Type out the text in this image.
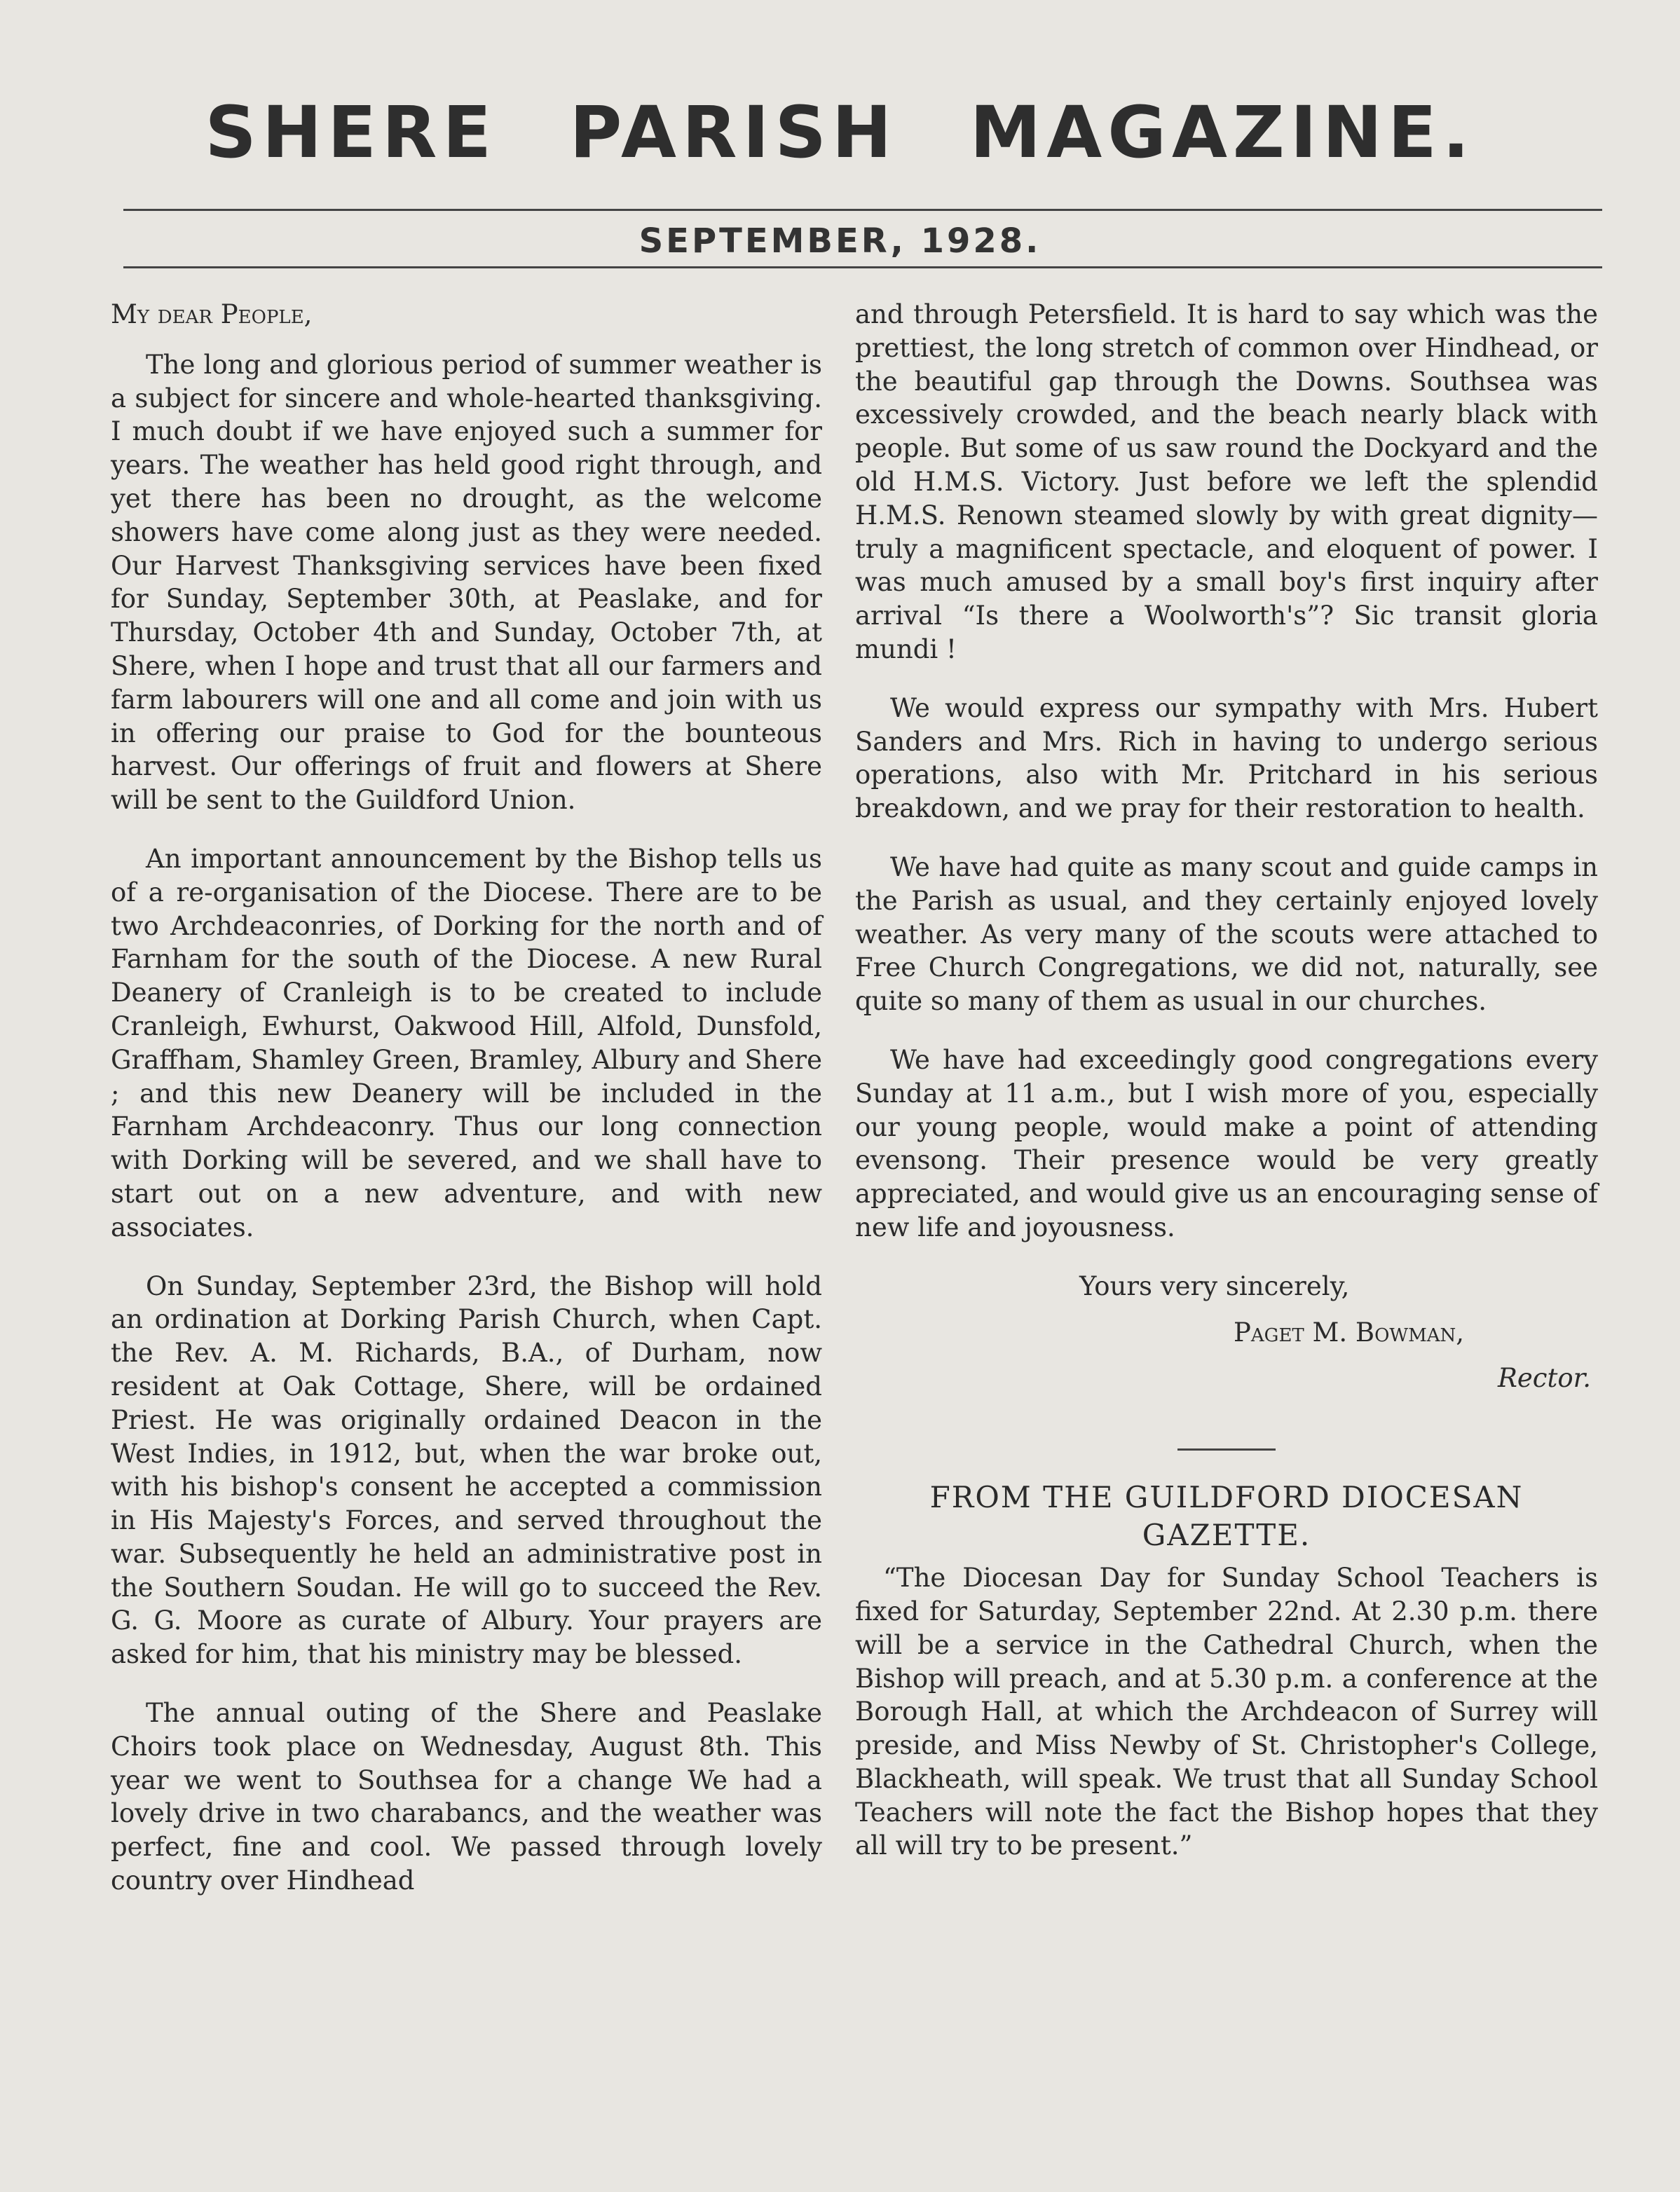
SHERE PARISH MAGAZINE.
SEPTEMBER, 1928.
My dear People,

The long and glorious period of summer weather is a subject for sincere and whole-hearted thanksgiving. I much doubt if we have enjoyed such a summer for years. The weather has held good right through, and yet there has been no drought, as the welcome showers have come along just as they were needed. Our Harvest Thanksgiving services have been fixed for Sunday, September 30th, at Peaslake, and for Thursday, October 4th and Sunday, October 7th, at Shere, when I hope and trust that all our farmers and farm labourers will one and all come and join with us in offering our praise to God for the bounteous harvest. Our offerings of fruit and flowers at Shere will be sent to the Guildford Union.

An important announcement by the Bishop tells us of a re-organisation of the Diocese. There are to be two Archdeaconries, of Dorking for the north and of Farnham for the south of the Diocese. A new Rural Deanery of Cranleigh is to be created to include Cranleigh, Ewhurst, Oakwood Hill, Alfold, Dunsfold, Graffham, Shamley Green, Bramley, Albury and Shere ; and this new Deanery will be included in the Farnham Archdeaconry. Thus our long connection with Dorking will be severed, and we shall have to start out on a new adventure, and with new associates.

On Sunday, September 23rd, the Bishop will hold an ordination at Dorking Parish Church, when Capt. the Rev. A. M. Richards, B.A., of Durham, now resident at Oak Cottage, Shere, will be ordained Priest. He was originally ordained Deacon in the West Indies, in 1912, but, when the war broke out, with his bishop's consent he accepted a commission in His Majesty's Forces, and served throughout the war. Subsequently he held an administrative post in the Southern Soudan. He will go to succeed the Rev. G. G. Moore as curate of Albury. Your prayers are asked for him, that his ministry may be blessed.

The annual outing of the Shere and Peaslake Choirs took place on Wednesday, August 8th. This year we went to Southsea for a change We had a lovely drive in two charabancs, and the weather was perfect, fine and cool. We passed through lovely country over Hindhead

and through Petersfield. It is hard to say which was the prettiest, the long stretch of common over Hindhead, or the beautiful gap through the Downs. Southsea was excessively crowded, and the beach nearly black with people. But some of us saw round the Dockyard and the old H.M.S. Victory. Just before we left the splendid H.M.S. Renown steamed slowly by with great dignity—truly a magnificent spectacle, and eloquent of power. I was much amused by a small boy's first inquiry after arrival “Is there a Woolworth's”? Sic transit gloria mundi !

We would express our sympathy with Mrs. Hubert Sanders and Mrs. Rich in having to undergo serious operations, also with Mr. Pritchard in his serious breakdown, and we pray for their restoration to health.

We have had quite as many scout and guide camps in the Parish as usual, and they certainly enjoyed lovely weather. As very many of the scouts were attached to Free Church Congregations, we did not, naturally, see quite so many of them as usual in our churches.

We have had exceedingly good congregations every Sunday at 11 a.m., but I wish more of you, especially our young people, would make a point of attending evensong. Their presence would be very greatly appreciated, and would give us an encouraging sense of new life and joyousness.

Yours very sincerely,
Paget M. Bowman,
Rector.
FROM THE GUILDFORD DIOCESAN GAZETTE.

“The Diocesan Day for Sunday School Teachers is fixed for Saturday, September 22nd. At 2.30 p.m. there will be a service in the Cathedral Church, when the Bishop will preach, and at 5.30 p.m. a conference at the Borough Hall, at which the Archdeacon of Surrey will preside, and Miss Newby of St. Christopher's College, Blackheath, will speak. We trust that all Sunday School Teachers will note the fact the Bishop hopes that they all will try to be present.”
